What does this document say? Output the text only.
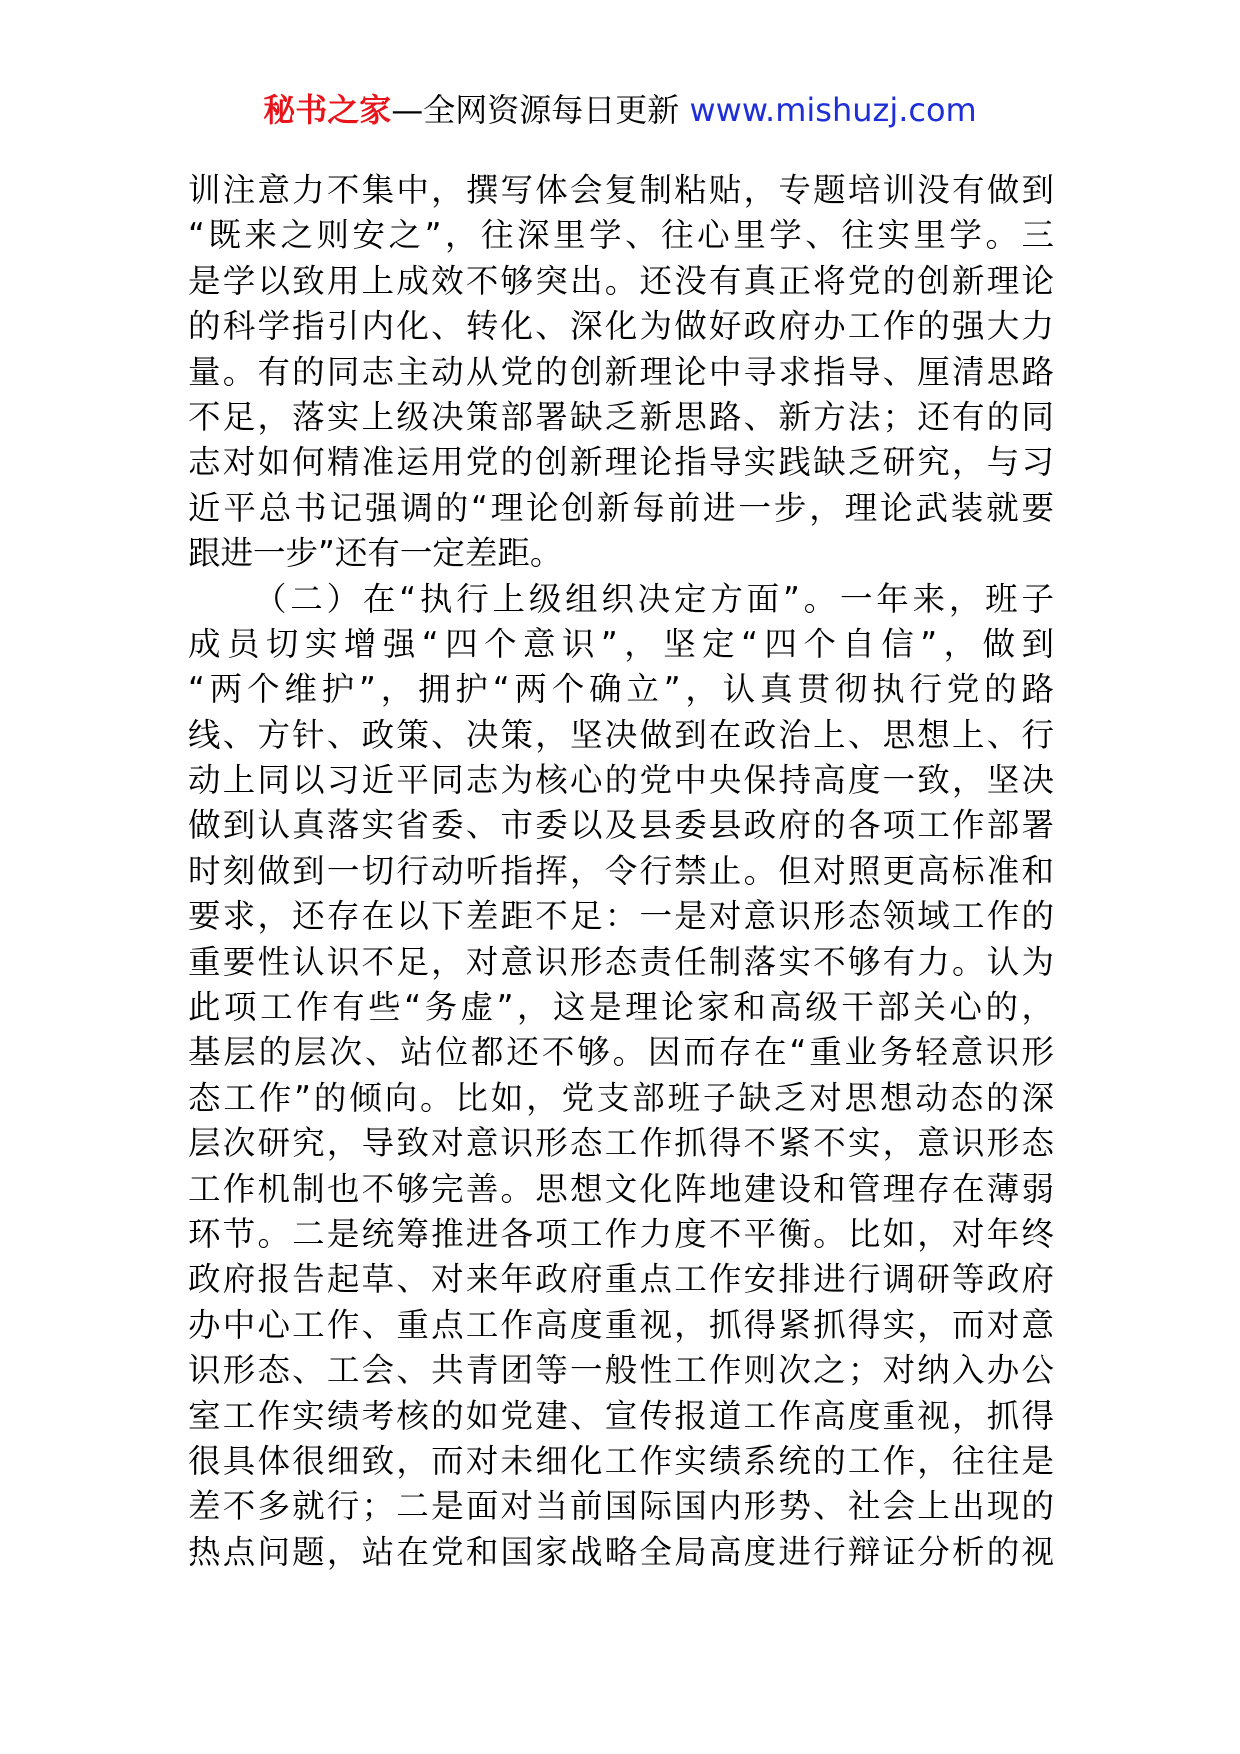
秘书之家—全网资源每日更新 www.mishuzj.com
训注意力不集中，撰写体会复制粘贴，专题培训没有做到
“既来之则安之”，往深里学、往心里学、往实里学。三
是学以致用上成效不够突出。还没有真正将党的创新理论
的科学指引内化、转化、深化为做好政府办工作的强大力
量。有的同志主动从党的创新理论中寻求指导、厘清思路
不足，落实上级决策部署缺乏新思路、新方法；还有的同
志对如何精准运用党的创新理论指导实践缺乏研究，与习
近平总书记强调的“理论创新每前进一步，理论武装就要
跟进一步”还有一定差距。
（二）在“执行上级组织决定方面”。一年来，班子
成员切实增强“四个意识”，坚定“四个自信”，做到
“两个维护”，拥护“两个确立”，认真贯彻执行党的路
线、方针、政策、决策，坚决做到在政治上、思想上、行
动上同以习近平同志为核心的党中央保持高度一致，坚决
做到认真落实省委、市委以及县委县政府的各项工作部署
时刻做到一切行动听指挥，令行禁止。但对照更高标准和
要求，还存在以下差距不足：一是对意识形态领域工作的
重要性认识不足，对意识形态责任制落实不够有力。认为
此项工作有些“务虚”，这是理论家和高级干部关心的，
基层的层次、站位都还不够。因而存在“重业务轻意识形
态工作”的倾向。比如，党支部班子缺乏对思想动态的深
层次研究，导致对意识形态工作抓得不紧不实，意识形态
工作机制也不够完善。思想文化阵地建设和管理存在薄弱
环节。二是统筹推进各项工作力度不平衡。比如，对年终
政府报告起草、对来年政府重点工作安排进行调研等政府
办中心工作、重点工作高度重视，抓得紧抓得实，而对意
识形态、工会、共青团等一般性工作则次之；对纳入办公
室工作实绩考核的如党建、宣传报道工作高度重视，抓得
很具体很细致，而对未细化工作实绩系统的工作，往往是
差不多就行；二是面对当前国际国内形势、社会上出现的
热点问题，站在党和国家战略全局高度进行辩证分析的视
